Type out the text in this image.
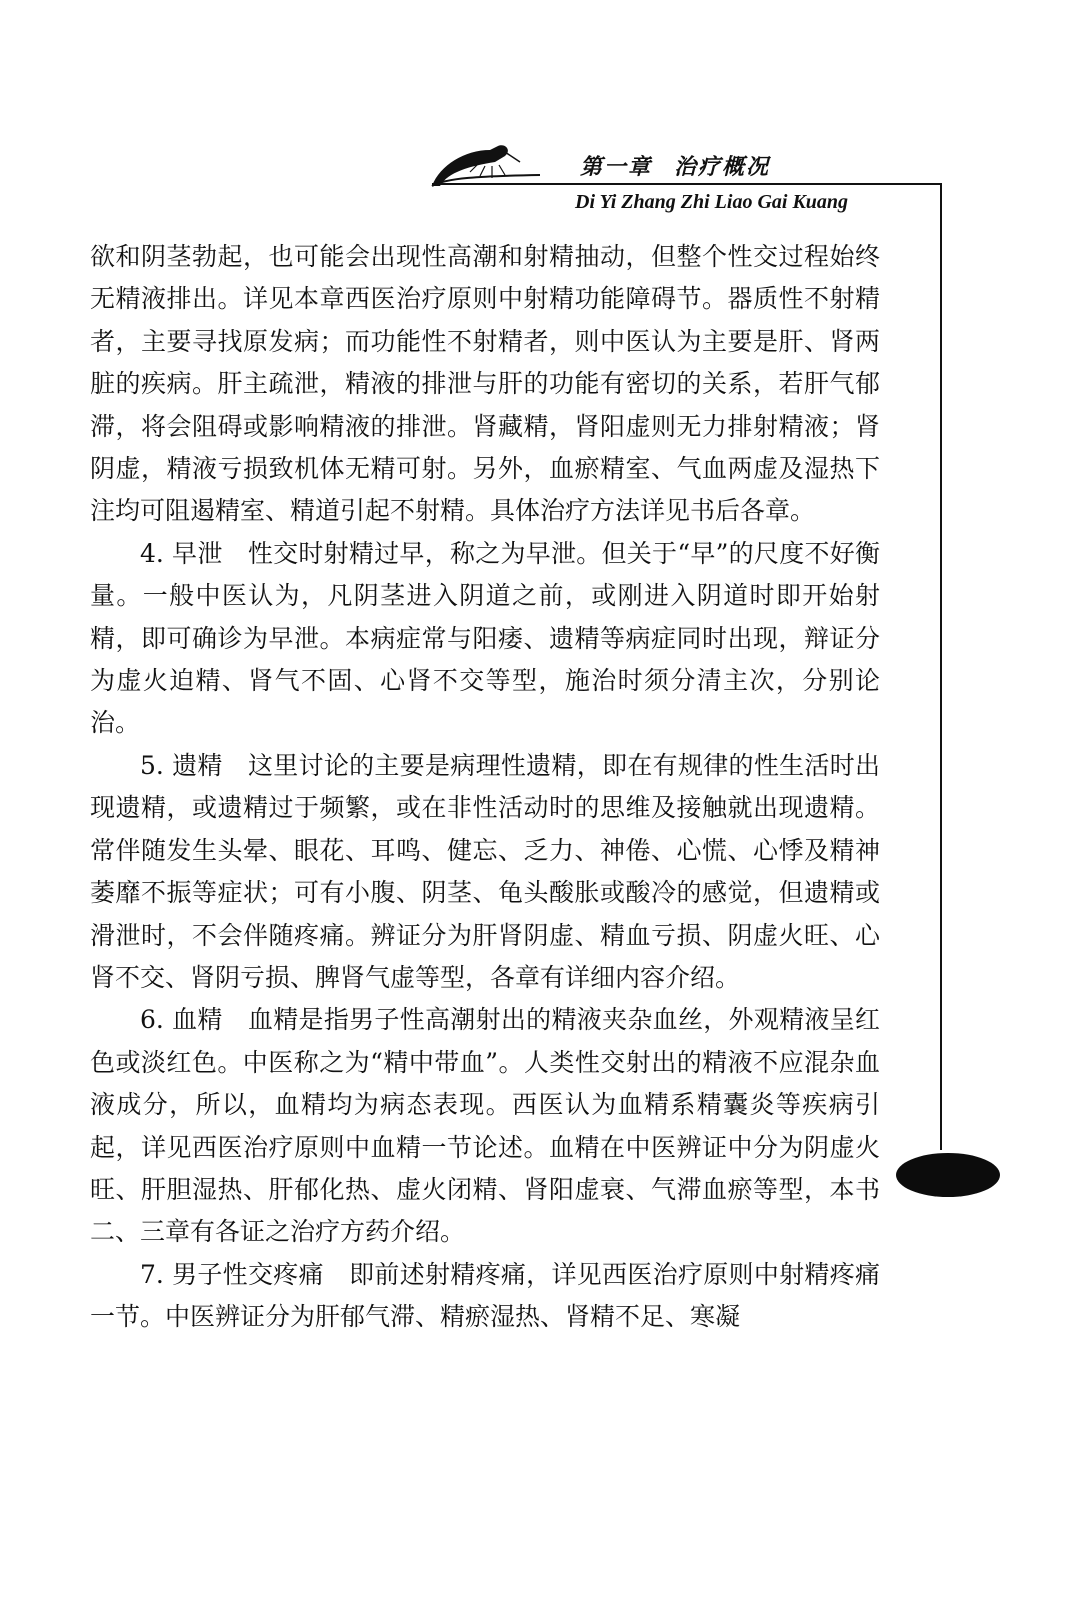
第一章 治疗概况
Di Yi Zhang Zhi Liao Gai Kuang

欲和阴茎勃起，也可能会出现性高潮和射精抽动，但整个性交过程始终无精液排出。详见本章西医治疗原则中射精功能障碍节。器质性不射精者，主要寻找原发病；而功能性不射精者，则中医认为主要是肝、肾两脏的疾病。肝主疏泄，精液的排泄与肝的功能有密切的关系，若肝气郁滞，将会阻碍或影响精液的排泄。肾藏精，肾阳虚则无力排射精液；肾阴虚，精液亏损致机体无精可射。另外，血瘀精室、气血两虚及湿热下注均可阻遏精室、精道引起不射精。具体治疗方法详见书后各章。

4. 早泄　性交时射精过早，称之为早泄。但关于“早”的尺度不好衡量。一般中医认为，凡阴茎进入阴道之前，或刚进入阴道时即开始射精，即可确诊为早泄。本病症常与阳痿、遗精等病症同时出现，辩证分为虚火迫精、肾气不固、心肾不交等型，施治时须分清主次，分别论治。

5. 遗精　这里讨论的主要是病理性遗精，即在有规律的性生活时出现遗精，或遗精过于频繁，或在非性活动时的思维及接触就出现遗精。常伴随发生头晕、眼花、耳鸣、健忘、乏力、神倦、心慌、心悸及精神萎靡不振等症状；可有小腹、阴茎、龟头酸胀或酸冷的感觉，但遗精或滑泄时，不会伴随疼痛。辨证分为肝肾阴虚、精血亏损、阴虚火旺、心肾不交、肾阴亏损、脾肾气虚等型，各章有详细内容介绍。

6. 血精　血精是指男子性高潮射出的精液夹杂血丝，外观精液呈红色或淡红色。中医称之为“精中带血”。人类性交射出的精液不应混杂血液成分，所以，血精均为病态表现。西医认为血精系精囊炎等疾病引起，详见西医治疗原则中血精一节论述。血精在中医辨证中分为阴虚火旺、肝胆湿热、肝郁化热、虚火闭精、肾阳虚衰、气滞血瘀等型，本书二、三章有各证之治疗方药介绍。

7. 男子性交疼痛　即前述射精疼痛，详见西医治疗原则中射精疼痛一节。中医辨证分为肝郁气滞、精瘀湿热、肾精不足、寒凝
